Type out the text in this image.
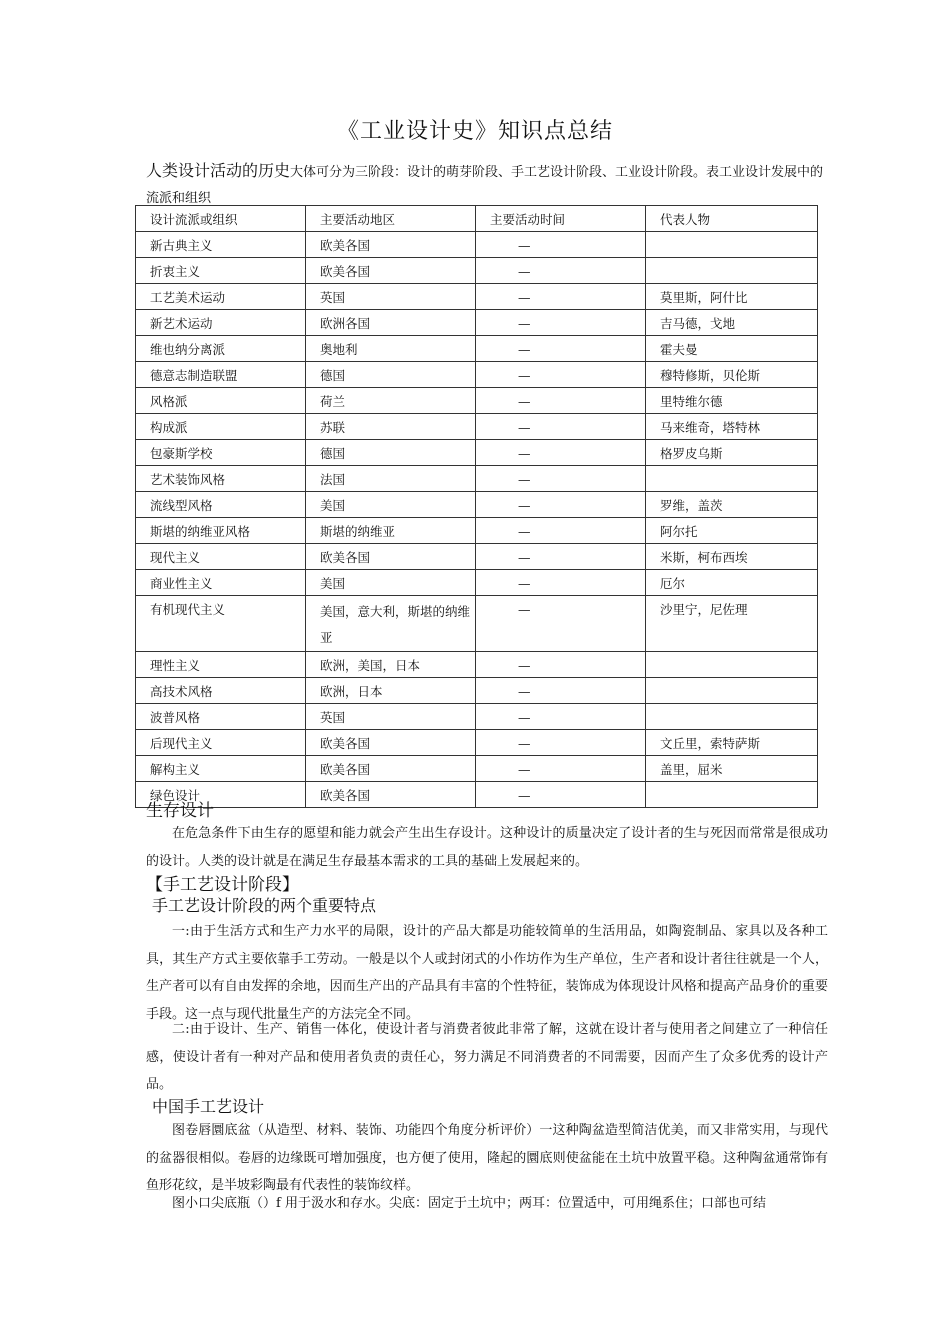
《工业设计史》知识点总结
人类设计活动的历史大体可分为三阶段：设计的萌芽阶段、手工艺设计阶段、工业设计阶段。表工业设计发展中的流派和组织
设计流派或组织	主要活动地区	主要活动时间	代表人物
新古典主义	欧美各国	—	
折衷主义	欧美各国	—	
工艺美术运动	英国	—	莫里斯，阿什比
新艺术运动	欧洲各国	—	吉马德，戈地
维也纳分离派	奥地利	—	霍夫曼
德意志制造联盟	德国	—	穆特修斯，贝伦斯
风格派	荷兰	—	里特维尔德
构成派	苏联	—	马来维奇，塔特林
包豪斯学校	德国	—	格罗皮乌斯
艺术装饰风格	法国	—	
流线型风格	美国	—	罗维，盖茨
斯堪的纳维亚风格	斯堪的纳维亚	—	阿尔托
现代主义	欧美各国	—	米斯，柯布西埃
商业性主义	美国	—	厄尔
有机现代主义	美国，意大利，斯堪的纳维亚	—	沙里宁，尼佐理
理性主义	欧洲，美国，日本	—	
高技术风格	欧洲，日本	—	
波普风格	英国	—	
后现代主义	欧美各国	—	文丘里，索特萨斯
解构主义	欧美各国	—	盖里，屈米
绿色设计	欧美各国	—	
生存设计
在危急条件下由生存的愿望和能力就会产生出生存设计。这种设计的质量决定了设计者的生与死因而常常是很成功的设计。人类的设计就是在满足生存最基本需求的工具的基础上发展起来的。
【手工艺设计阶段】
手工艺设计阶段的两个重要特点
一:由于生活方式和生产力水平的局限，设计的产品大都是功能较简单的生活用品，如陶瓷制品、家具以及各种工具，其生产方式主要依靠手工劳动。一般是以个人或封闭式的小作坊作为生产单位，生产者和设计者往往就是一个人，生产者可以有自由发挥的余地，因而生产出的产品具有丰富的个性特征，装饰成为体现设计风格和提高产品身价的重要手段。这一点与现代批量生产的方法完全不同。
二:由于设计、生产、销售一体化，使设计者与消费者彼此非常了解，这就在设计者与使用者之间建立了一种信任感，使设计者有一种对产品和使用者负责的责任心，努力满足不同消费者的不同需要，因而产生了众多优秀的设计产品。
中国手工艺设计
图卷唇圜底盆（从造型、材料、装饰、功能四个角度分析评价）一这种陶盆造型简洁优美，而又非常实用，与现代的盆器很相似。卷唇的边缘既可增加强度，也方便了使用，隆起的圜底则使盆能在土坑中放置平稳。这种陶盆通常饰有鱼形花纹，是半坡彩陶最有代表性的装饰纹样。
图小口尖底瓶（）f 用于汲水和存水。尖底：固定于土坑中；两耳：位置适中，可用绳系住；口部也可结
